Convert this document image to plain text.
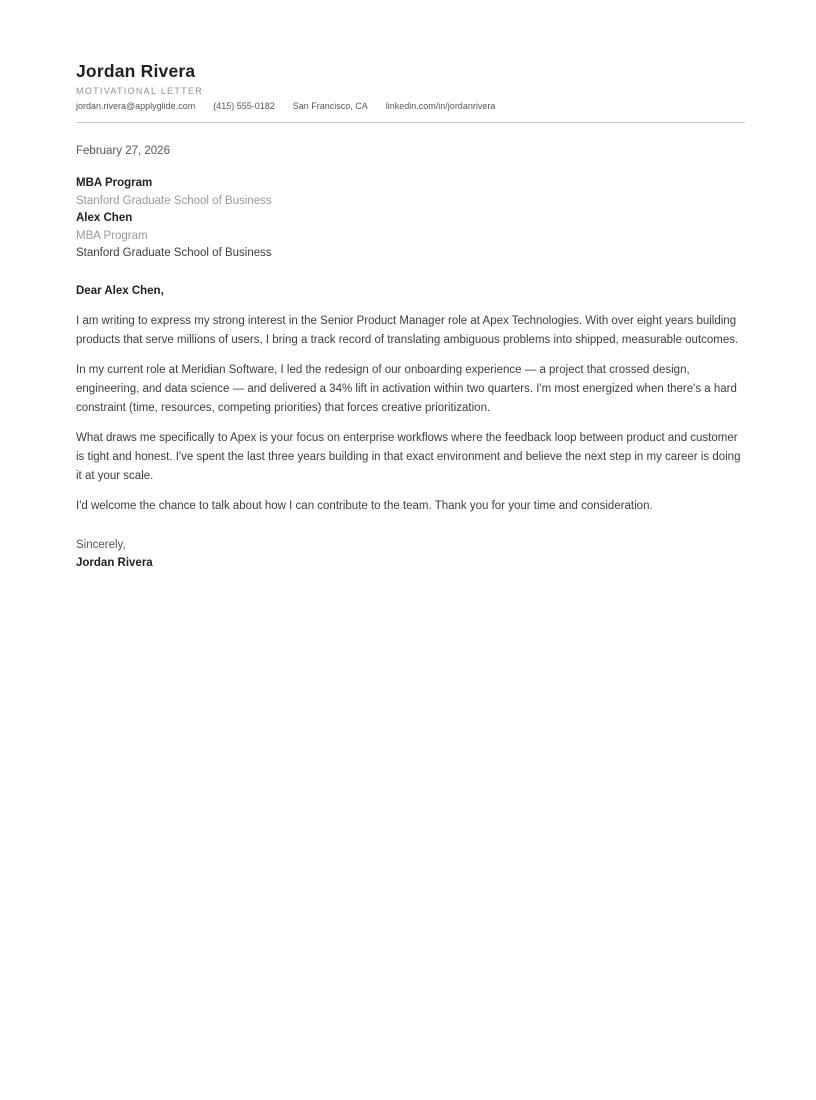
Jordan Rivera
MOTIVATIONAL LETTER
jordan.rivera@applyglide.com (415) 555-0182 San Francisco, CA linkedin.com/in/jordanrivera
February 27, 2026
MBA Program
Stanford Graduate School of Business
Alex Chen
MBA Program
Stanford Graduate School of Business

Dear Alex Chen,

I am writing to express my strong interest in the Senior Product Manager role at Apex Technologies. With over eight years building products that serve millions of users, I bring a track record of translating ambiguous problems into shipped, measurable outcomes.

In my current role at Meridian Software, I led the redesign of our onboarding experience — a project that crossed design, engineering, and data science — and delivered a 34% lift in activation within two quarters. I'm most energized when there's a hard constraint (time, resources, competing priorities) that forces creative prioritization.

What draws me specifically to Apex is your focus on enterprise workflows where the feedback loop between product and customer is tight and honest. I've spent the last three years building in that exact environment and believe the next step in my career is doing it at your scale.

I'd welcome the chance to talk about how I can contribute to the team. Thank you for your time and consideration.

Sincerely,
Jordan Rivera
